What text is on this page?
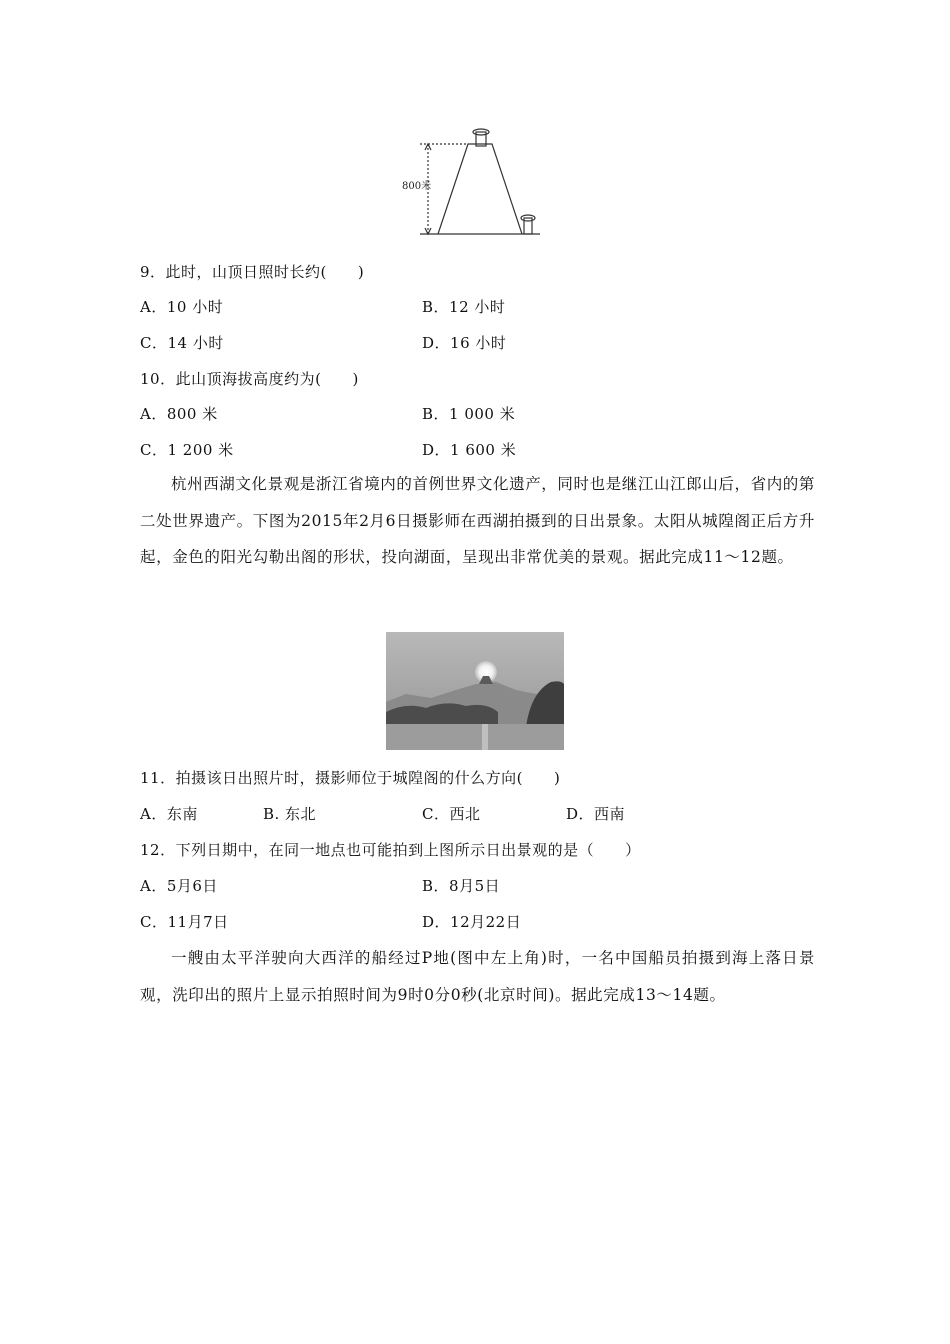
800米
9．此时，山顶日照时长约(　　)
A．10 小时	B．12 小时
C．14 小时	D．16 小时
10．此山顶海拔高度约为(　　)
A．800 米	B．1 000 米
C．1 200 米	D．1 600 米
杭州西湖文化景观是浙江省境内的首例世界文化遗产，同时也是继江山江郎山后，省内的第二处世界遗产。下图为2015年2月6日摄影师在西湖拍摄到的日出景象。太阳从城隍阁正后方升起，金色的阳光勾勒出阁的形状，投向湖面，呈现出非常优美的景观。据此完成11～12题。
11．拍摄该日出照片时，摄影师位于城隍阁的什么方向(　　)
A．东南	B. 东北	C．西北	D．西南
12．下列日期中，在同一地点也可能拍到上图所示日出景观的是（　　）
A．5月6日	B．8月5日
C．11月7日	D．12月22日
一艘由太平洋驶向大西洋的船经过P地(图中左上角)时，一名中国船员拍摄到海上落日景观，洗印出的照片上显示拍照时间为9时0分0秒(北京时间)。据此完成13～14题。
